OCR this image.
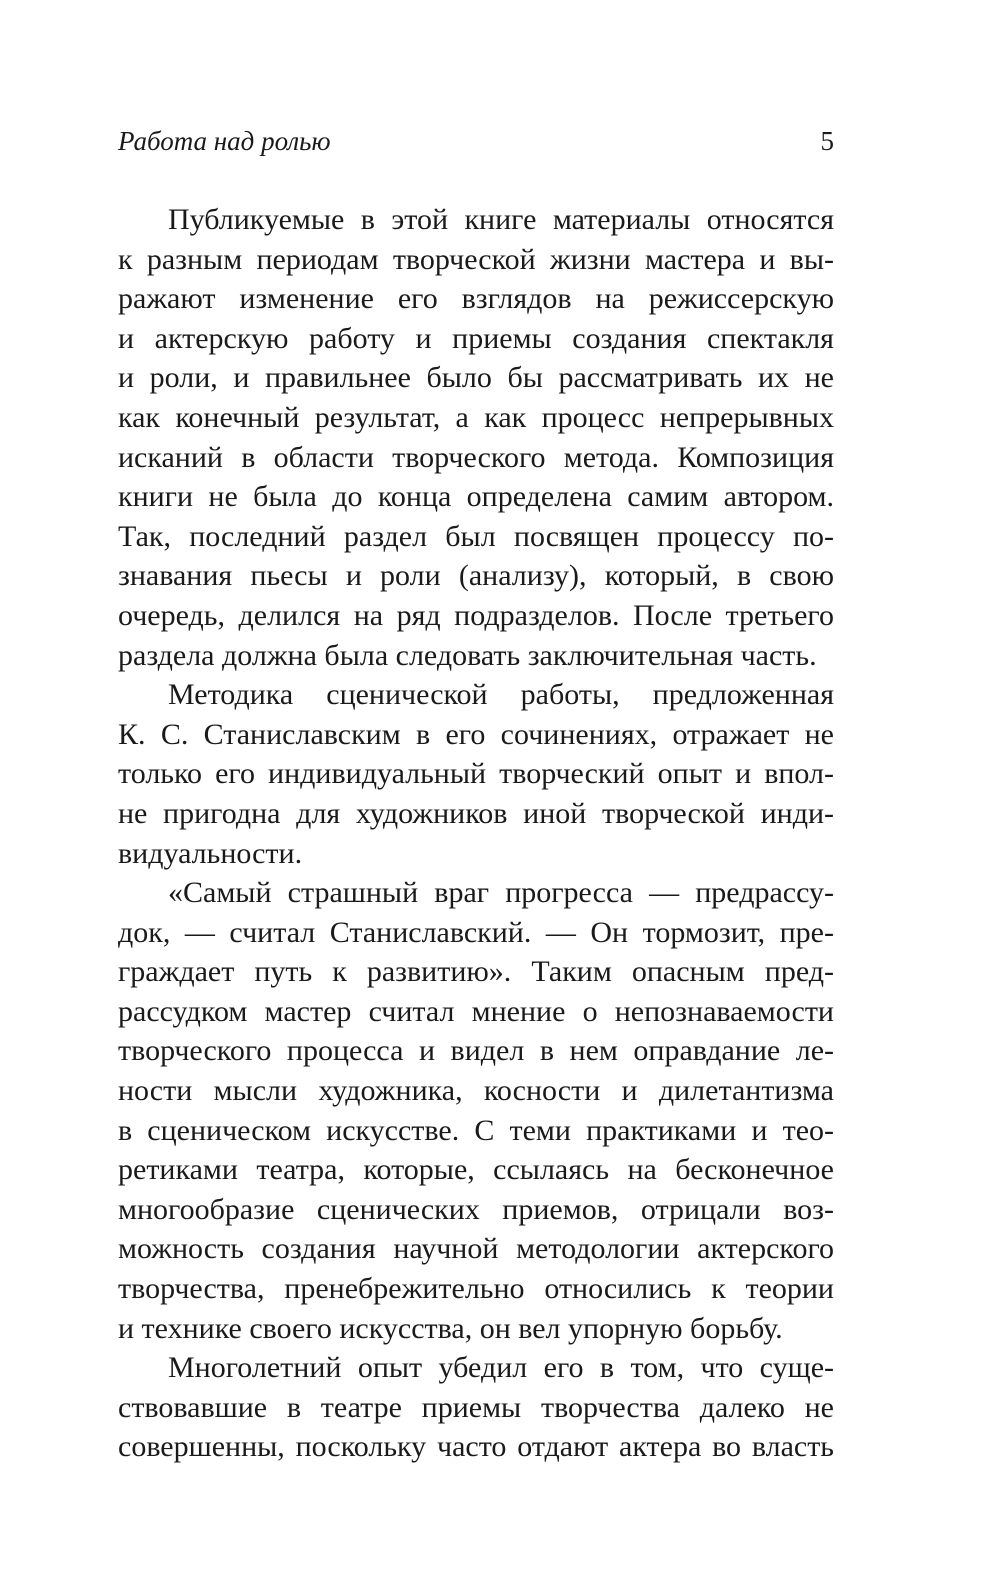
Работа над ролью	5
Публикуемые в этой книге материалы относятся
к разным периодам творческой жизни мастера и вы-
ражают изменение его взглядов на режиссерскую
и актерскую работу и приемы создания спектакля
и роли, и правильнее было бы рассматривать их не
как конечный результат, а как процесс непрерывных
исканий в области творческого метода. Композиция
книги не была до конца определена самим автором.
Так, последний раздел был посвящен процессу по-
знавания пьесы и роли (анализу), который, в свою
очередь, делился на ряд подразделов. После третьего
раздела должна была следовать заключительная часть.
Методика сценической работы, предложенная
К. С. Станиславским в его сочинениях, отражает не
только его индивидуальный творческий опыт и впол-
не пригодна для художников иной творческой инди-
видуальности.
«Самый страшный враг прогресса — предрассу-
док, — считал Станиславский. — Он тормозит, пре-
граждает путь к развитию». Таким опасным пред-
рассудком мастер считал мнение о непознаваемости
творческого процесса и видел в нем оправдание ле-
ности мысли художника, косности и дилетантизма
в сценическом искусстве. С теми практиками и тео-
ретиками театра, которые, ссылаясь на бесконечное
многообразие сценических приемов, отрицали воз-
можность создания научной методологии актерского
творчества, пренебрежительно относились к теории
и технике своего искусства, он вел упорную борьбу.
Многолетний опыт убедил его в том, что суще-
ствовавшие в театре приемы творчества далеко не
совершенны, поскольку часто отдают актера во власть
